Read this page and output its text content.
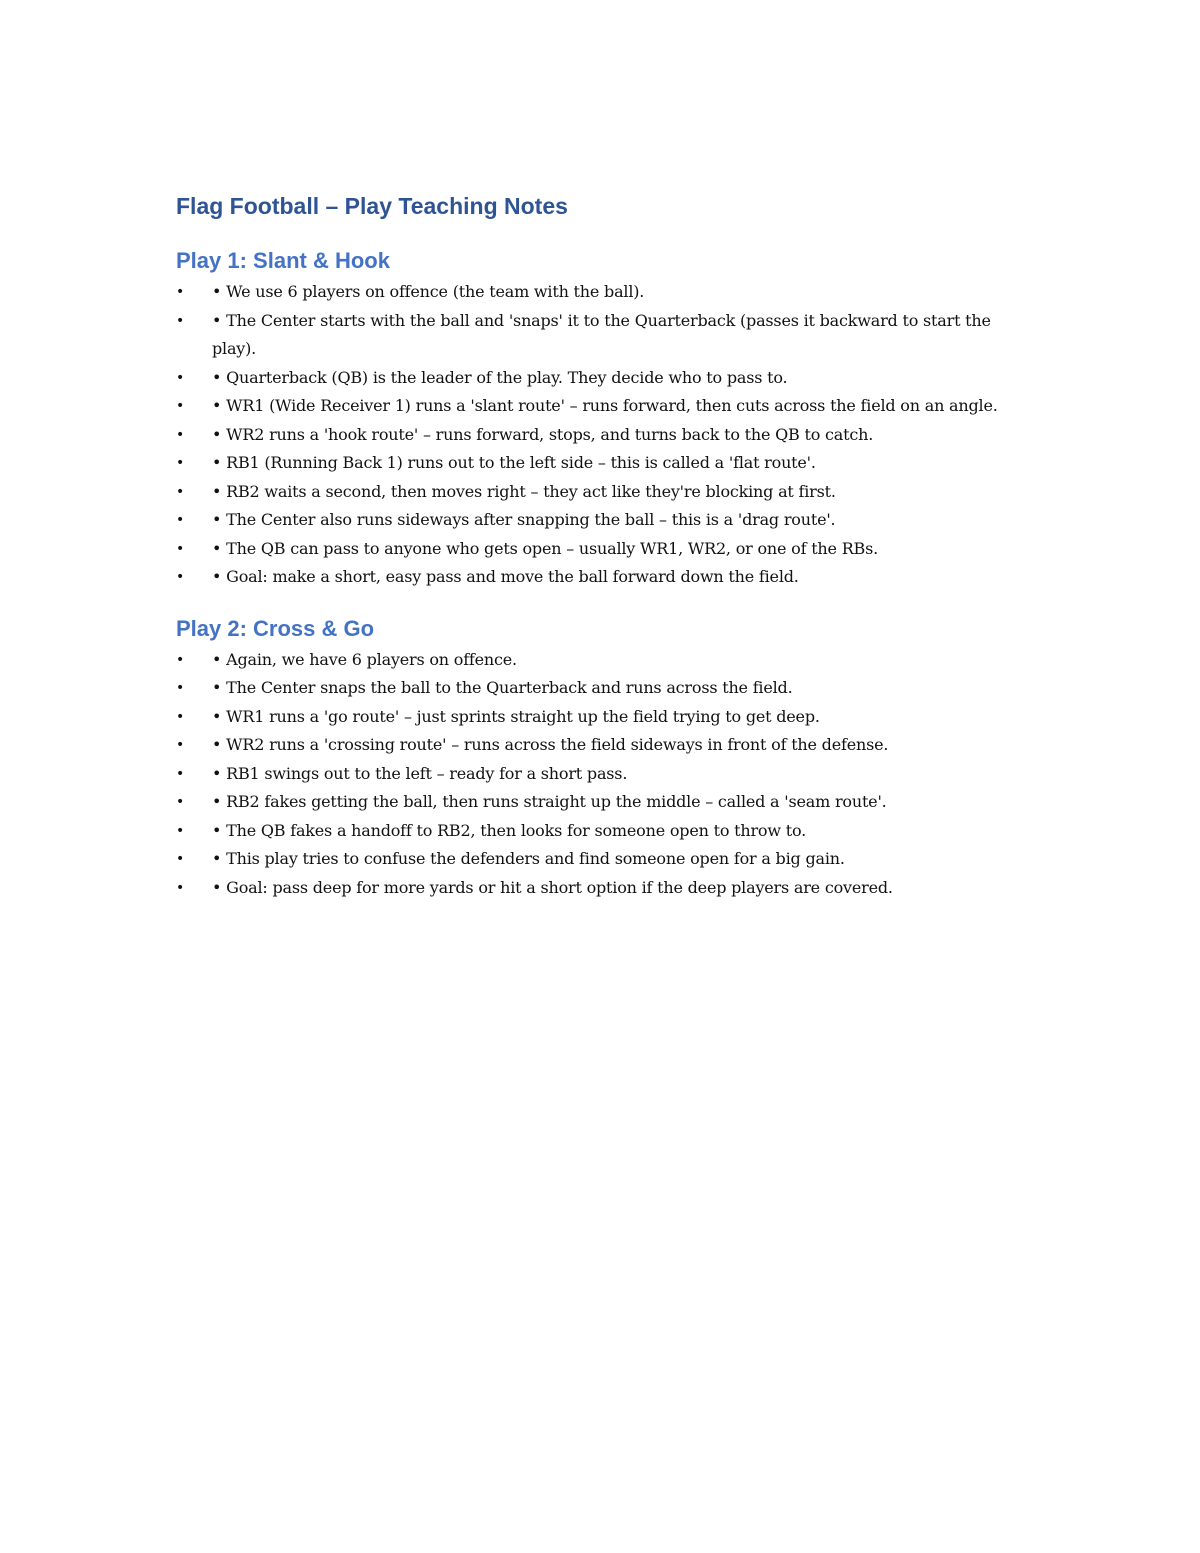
Flag Football – Play Teaching Notes
Play 1: Slant & Hook
• • We use 6 players on offence (the team with the ball).
• • The Center starts with the ball and 'snaps' it to the Quarterback (passes it backward to start the play).
• • Quarterback (QB) is the leader of the play. They decide who to pass to.
• • WR1 (Wide Receiver 1) runs a 'slant route' – runs forward, then cuts across the field on an angle.
• • WR2 runs a 'hook route' – runs forward, stops, and turns back to the QB to catch.
• • RB1 (Running Back 1) runs out to the left side – this is called a 'flat route'.
• • RB2 waits a second, then moves right – they act like they're blocking at first.
• • The Center also runs sideways after snapping the ball – this is a 'drag route'.
• • The QB can pass to anyone who gets open – usually WR1, WR2, or one of the RBs.
• • Goal: make a short, easy pass and move the ball forward down the field.
Play 2: Cross & Go
• • Again, we have 6 players on offence.
• • The Center snaps the ball to the Quarterback and runs across the field.
• • WR1 runs a 'go route' – just sprints straight up the field trying to get deep.
• • WR2 runs a 'crossing route' – runs across the field sideways in front of the defense.
• • RB1 swings out to the left – ready for a short pass.
• • RB2 fakes getting the ball, then runs straight up the middle – called a 'seam route'.
• • The QB fakes a handoff to RB2, then looks for someone open to throw to.
• • This play tries to confuse the defenders and find someone open for a big gain.
• • Goal: pass deep for more yards or hit a short option if the deep players are covered.
